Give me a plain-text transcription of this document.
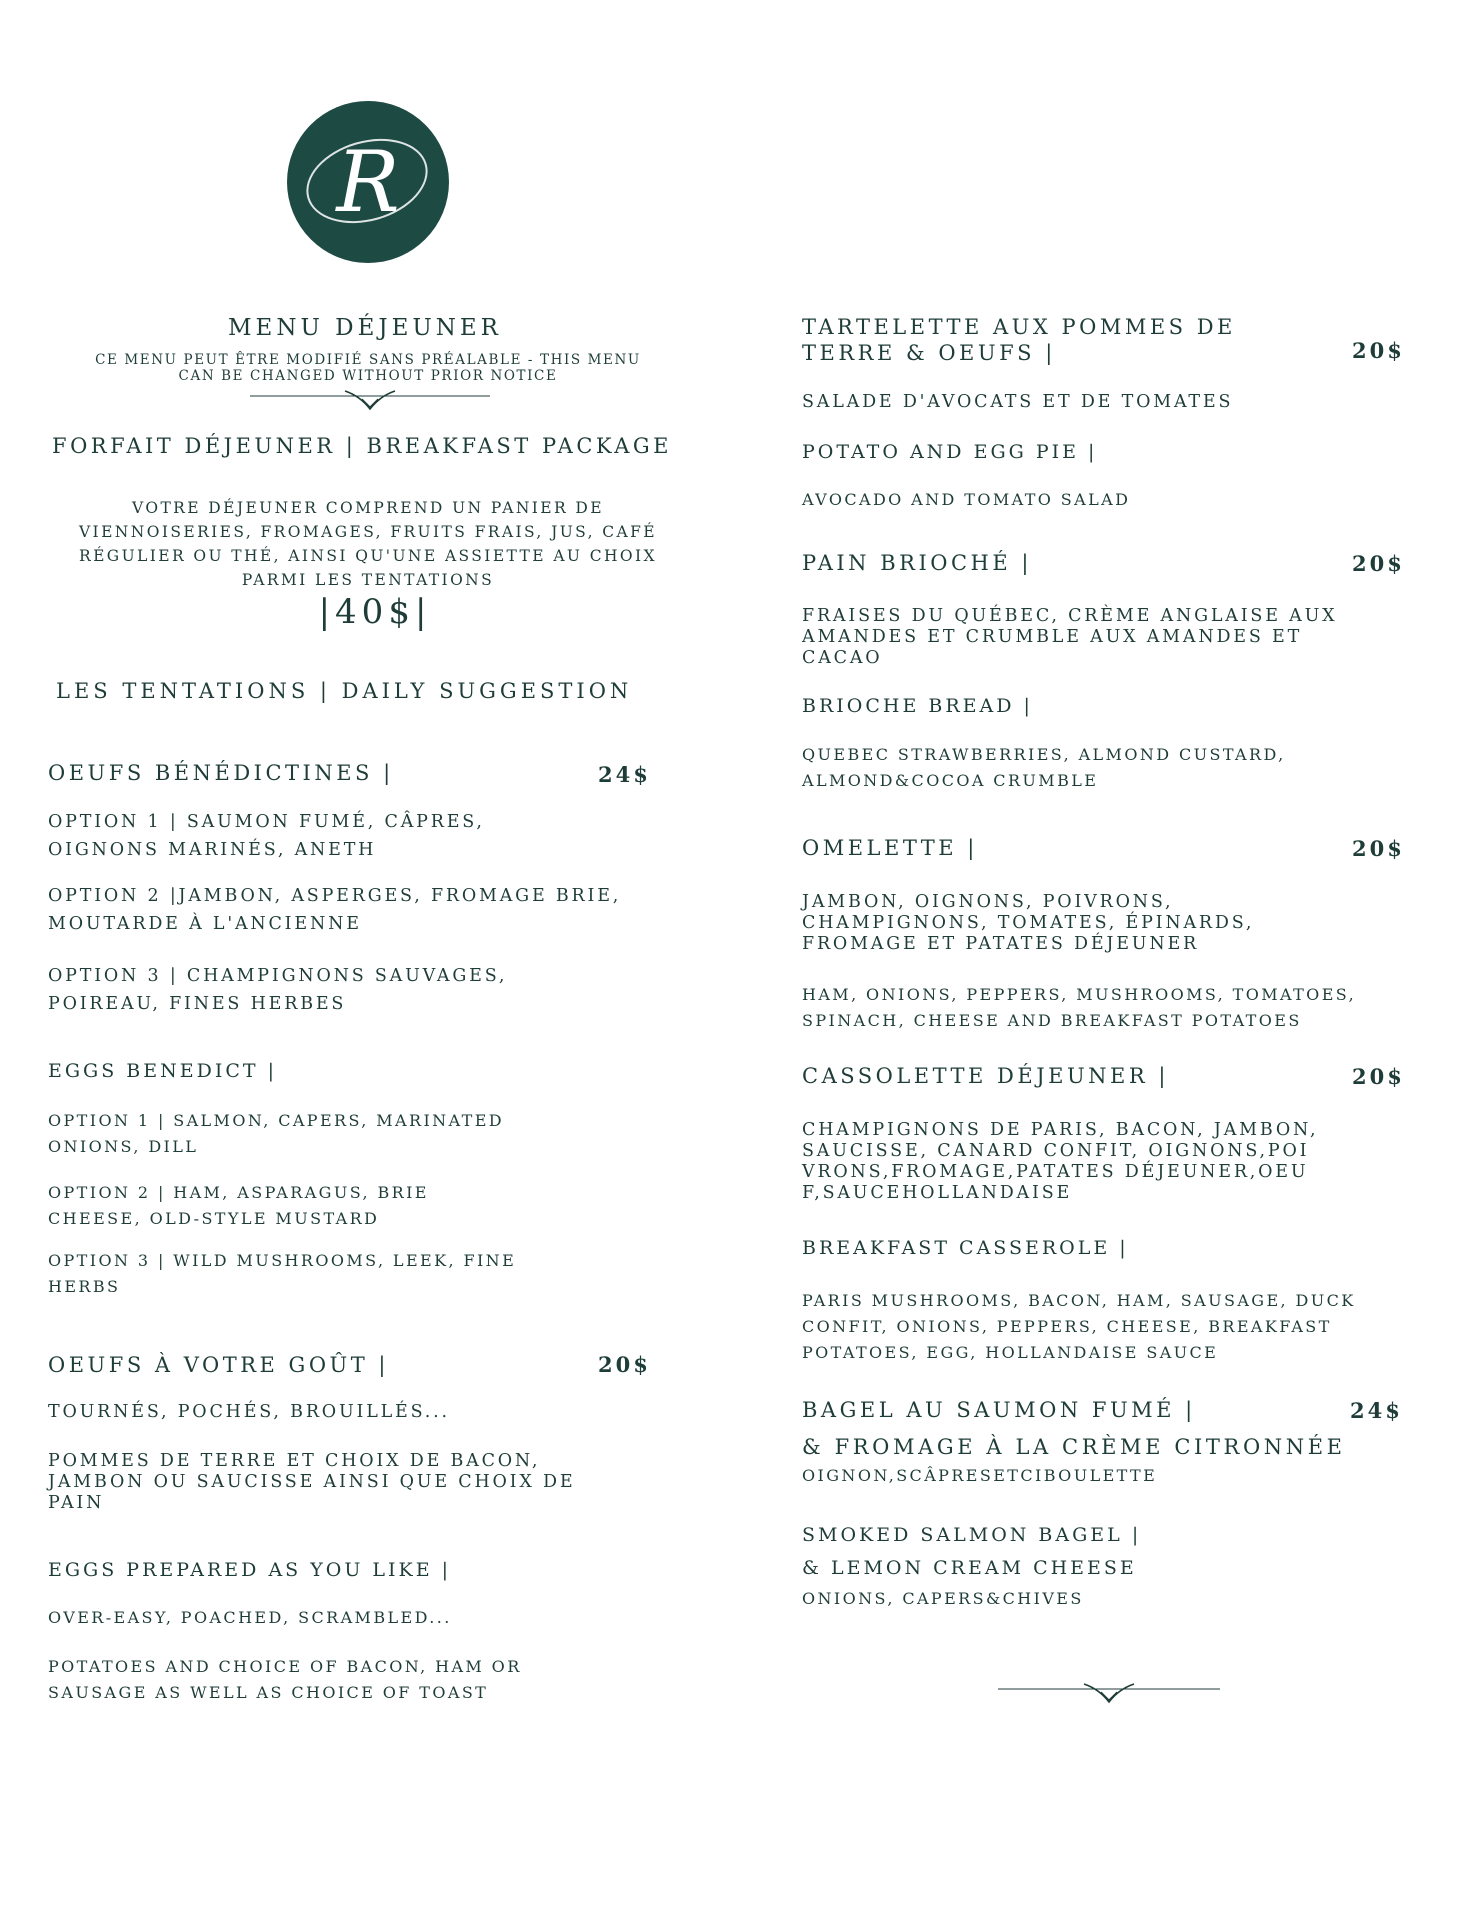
R
MENU DÉJEUNER
CE MENU PEUT ÊTRE MODIFIÉ SANS PRÉALABLE - THIS MENU CAN BE CHANGED WITHOUT PRIOR NOTICE
FORFAIT DÉJEUNER | BREAKFAST PACKAGE
VOTRE DÉJEUNER COMPREND UN PANIER DE VIENNOISERIES, FROMAGES, FRUITS FRAIS, JUS, CAFÉ RÉGULIER OU THÉ, AINSI QU'UNE ASSIETTE AU CHOIX PARMI LES TENTATIONS
|40$|
LES TENTATIONS | DAILY SUGGESTION
OEUFS BÉNÉDICTINES |	24$
OPTION 1 | SAUMON FUMÉ, CÂPRES, OIGNONS MARINÉS, ANETH
OPTION 2 |JAMBON, ASPERGES, FROMAGE BRIE, MOUTARDE À L'ANCIENNE
OPTION 3 | CHAMPIGNONS SAUVAGES, POIREAU, FINES HERBES
EGGS BENEDICT |
OPTION 1 | SALMON, CAPERS, MARINATED ONIONS, DILL
OPTION 2 | HAM, ASPARAGUS, BRIE CHEESE, OLD-STYLE MUSTARD
OPTION 3 | WILD MUSHROOMS, LEEK, FINE HERBS
OEUFS À VOTRE GOÛT |	20$
TOURNÉS, POCHÉS, BROUILLÉS...
POMMES DE TERRE ET CHOIX DE BACON, JAMBON OU SAUCISSE AINSI QUE CHOIX DE PAIN
EGGS PREPARED AS YOU LIKE |
OVER-EASY, POACHED, SCRAMBLED...
POTATOES AND CHOICE OF BACON, HAM OR SAUSAGE AS WELL AS CHOICE OF TOAST
TARTELETTE AUX POMMES DE TERRE & OEUFS |	20$
SALADE D'AVOCATS ET DE TOMATES
POTATO AND EGG PIE |
AVOCADO AND TOMATO SALAD
PAIN BRIOCHÉ |	20$
FRAISES DU QUÉBEC, CRÈME ANGLAISE AUX AMANDES ET CRUMBLE AUX AMANDES ET CACAO
BRIOCHE BREAD |
QUEBEC STRAWBERRIES, ALMOND CUSTARD, ALMOND&COCOA CRUMBLE
OMELETTE |	20$
JAMBON, OIGNONS, POIVRONS, CHAMPIGNONS, TOMATES, ÉPINARDS, FROMAGE ET PATATES DÉJEUNER
HAM, ONIONS, PEPPERS, MUSHROOMS, TOMATOES, SPINACH, CHEESE AND BREAKFAST POTATOES
CASSOLETTE DÉJEUNER |	20$
CHAMPIGNONS DE PARIS, BACON, JAMBON, SAUCISSE, CANARD CONFIT, OIGNONS,POIVRONS,FROMAGE,PATATES DÉJEUNER,OEUF,SAUCEHOLLANDAISE
BREAKFAST CASSEROLE |
PARIS MUSHROOMS, BACON, HAM, SAUSAGE, DUCK CONFIT, ONIONS, PEPPERS, CHEESE, BREAKFAST POTATOES, EGG, HOLLANDAISE SAUCE
BAGEL AU SAUMON FUMÉ |	24$
& FROMAGE À LA CRÈME CITRONNÉE
OIGNON,SCÂPRESETCIBOULETTE
SMOKED SALMON BAGEL |
& LEMON CREAM CHEESE
ONIONS, CAPERS&CHIVES
